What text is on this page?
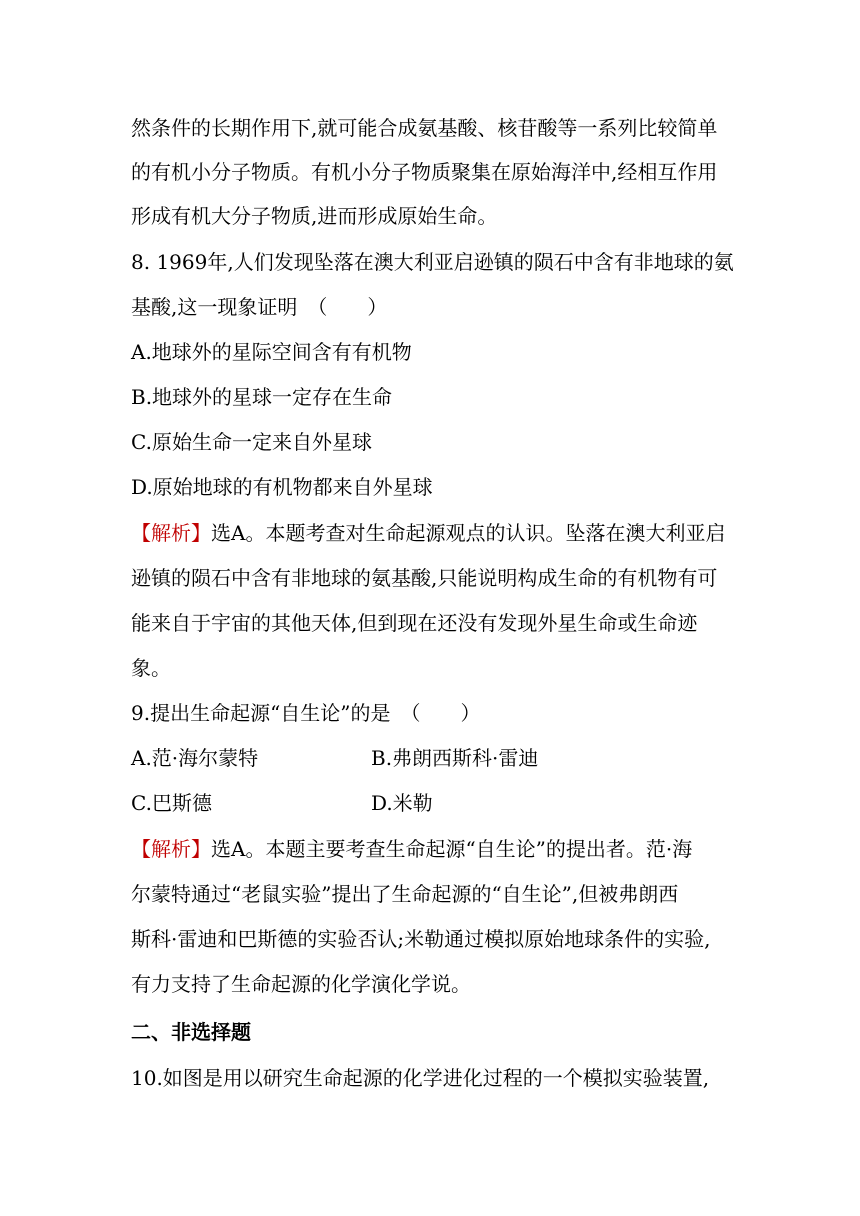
然条件的长期作用下,就可能合成氨基酸、核苷酸等一系列比较简单
的有机小分子物质。有机小分子物质聚集在原始海洋中,经相互作用
形成有机大分子物质,进而形成原始生命。
8. 1969年,人们发现坠落在澳大利亚启逊镇的陨石中含有非地球的氨
基酸,这一现象证明　（　　）
A.地球外的星际空间含有有机物
B.地球外的星球一定存在生命
C.原始生命一定来自外星球
D.原始地球的有机物都来自外星球
【解析】选A。本题考查对生命起源观点的认识。坠落在澳大利亚启
逊镇的陨石中含有非地球的氨基酸,只能说明构成生命的有机物有可
能来自于宇宙的其他天体,但到现在还没有发现外星生命或生命迹
象。
9.提出生命起源“自生论”的是　（　　）
A.范·海尔蒙特	B.弗朗西斯科·雷迪
C.巴斯德	D.米勒
【解析】选A。本题主要考查生命起源“自生论”的提出者。范·海
尔蒙特通过“老鼠实验”提出了生命起源的“自生论”,但被弗朗西
斯科·雷迪和巴斯德的实验否认;米勒通过模拟原始地球条件的实验,
有力支持了生命起源的化学演化学说。
二、非选择题
10.如图是用以研究生命起源的化学进化过程的一个模拟实验装置,
